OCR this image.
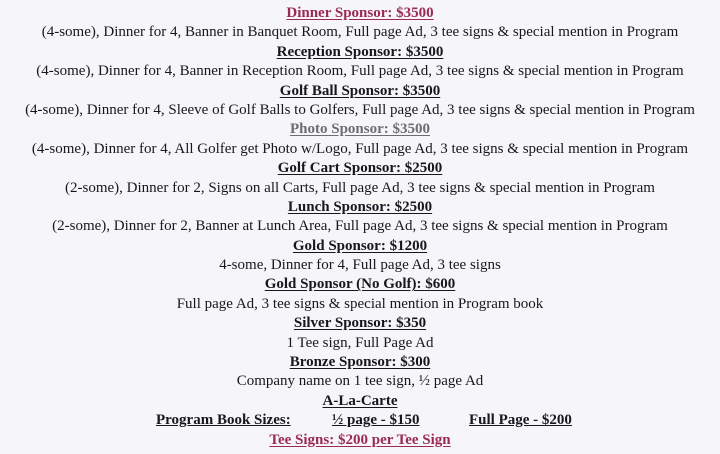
Dinner Sponsor: $3500
(4-some), Dinner for 4, Banner in Banquet Room, Full page Ad, 3 tee signs & special mention in Program
Reception Sponsor: $3500
(4-some), Dinner for 4, Banner in Reception Room, Full page Ad, 3 tee signs & special mention in Program
Golf Ball Sponsor: $3500
(4-some), Dinner for 4, Sleeve of Golf Balls to Golfers, Full page Ad, 3 tee signs & special mention in Program
Photo Sponsor: $3500
(4-some), Dinner for 4, All Golfer get Photo w/Logo, Full page Ad, 3 tee signs & special mention in Program
Golf Cart Sponsor: $2500
(2-some), Dinner for 2, Signs on all Carts, Full page Ad, 3 tee signs & special mention in Program
Lunch Sponsor: $2500
(2-some), Dinner for 2, Banner at Lunch Area, Full page Ad, 3 tee signs & special mention in Program
Gold Sponsor: $1200
4-some, Dinner for 4, Full page Ad, 3 tee signs
Gold Sponsor (No Golf): $600
Full page Ad, 3 tee signs & special mention in Program book
Silver Sponsor: $350
1 Tee sign, Full Page Ad
Bronze Sponsor: $300
Company name on 1 tee sign, ½ page Ad
A-La-Carte
Program Book Sizes:	½ page - $150	Full Page - $200
Tee Signs: $200 per Tee Sign
